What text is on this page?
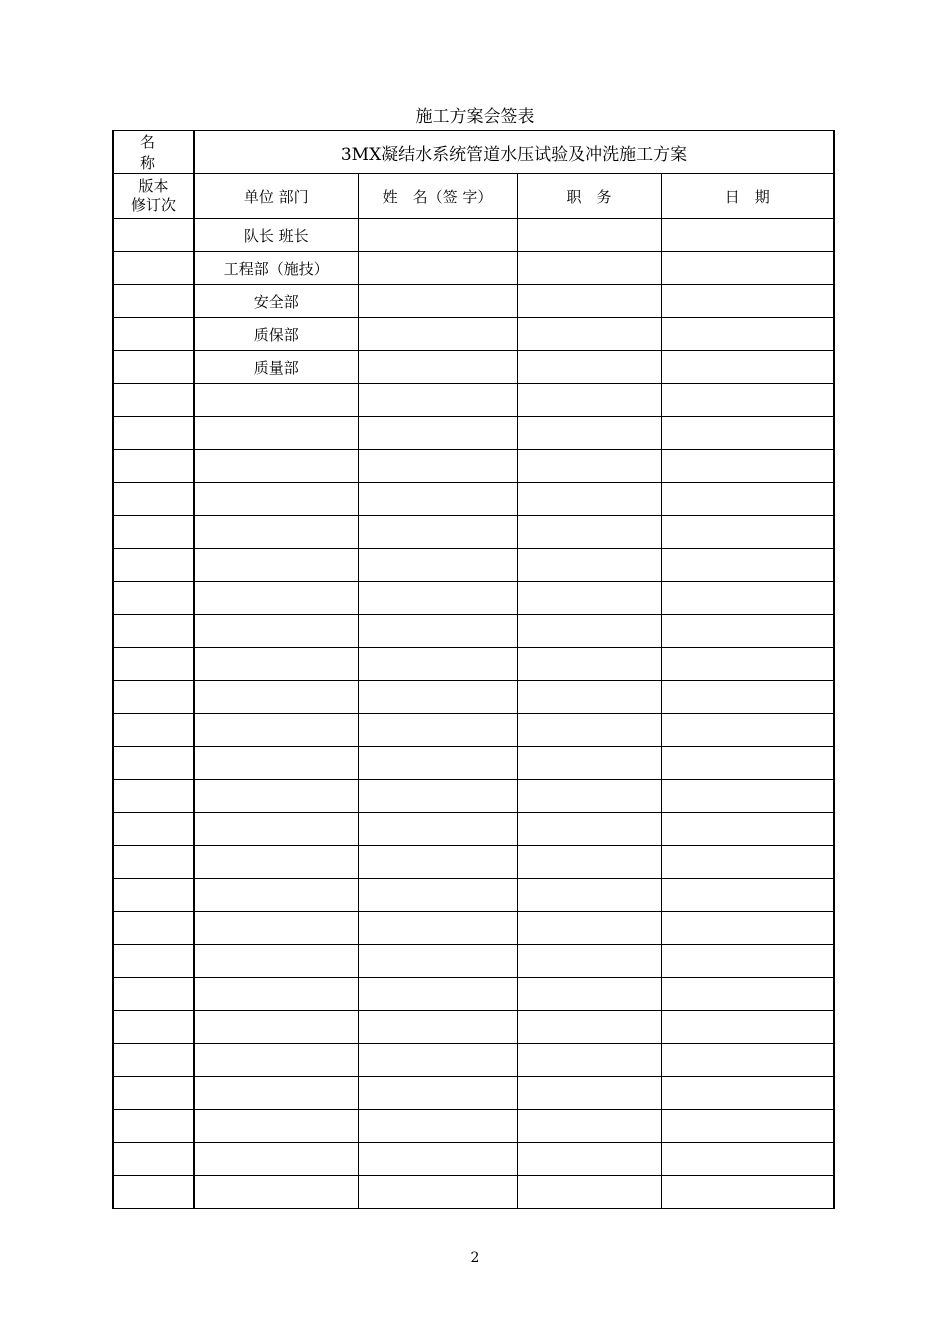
施工方案会签表
名　称	3MX凝结水系统管道水压试验及冲洗施工方案			

版本
修订次	单位 部门	姓　名（签 字）	职　务	日　期
	队长 班长			
	工程部（施技）			
	安全部			
	质保部			
	质量部			

2
